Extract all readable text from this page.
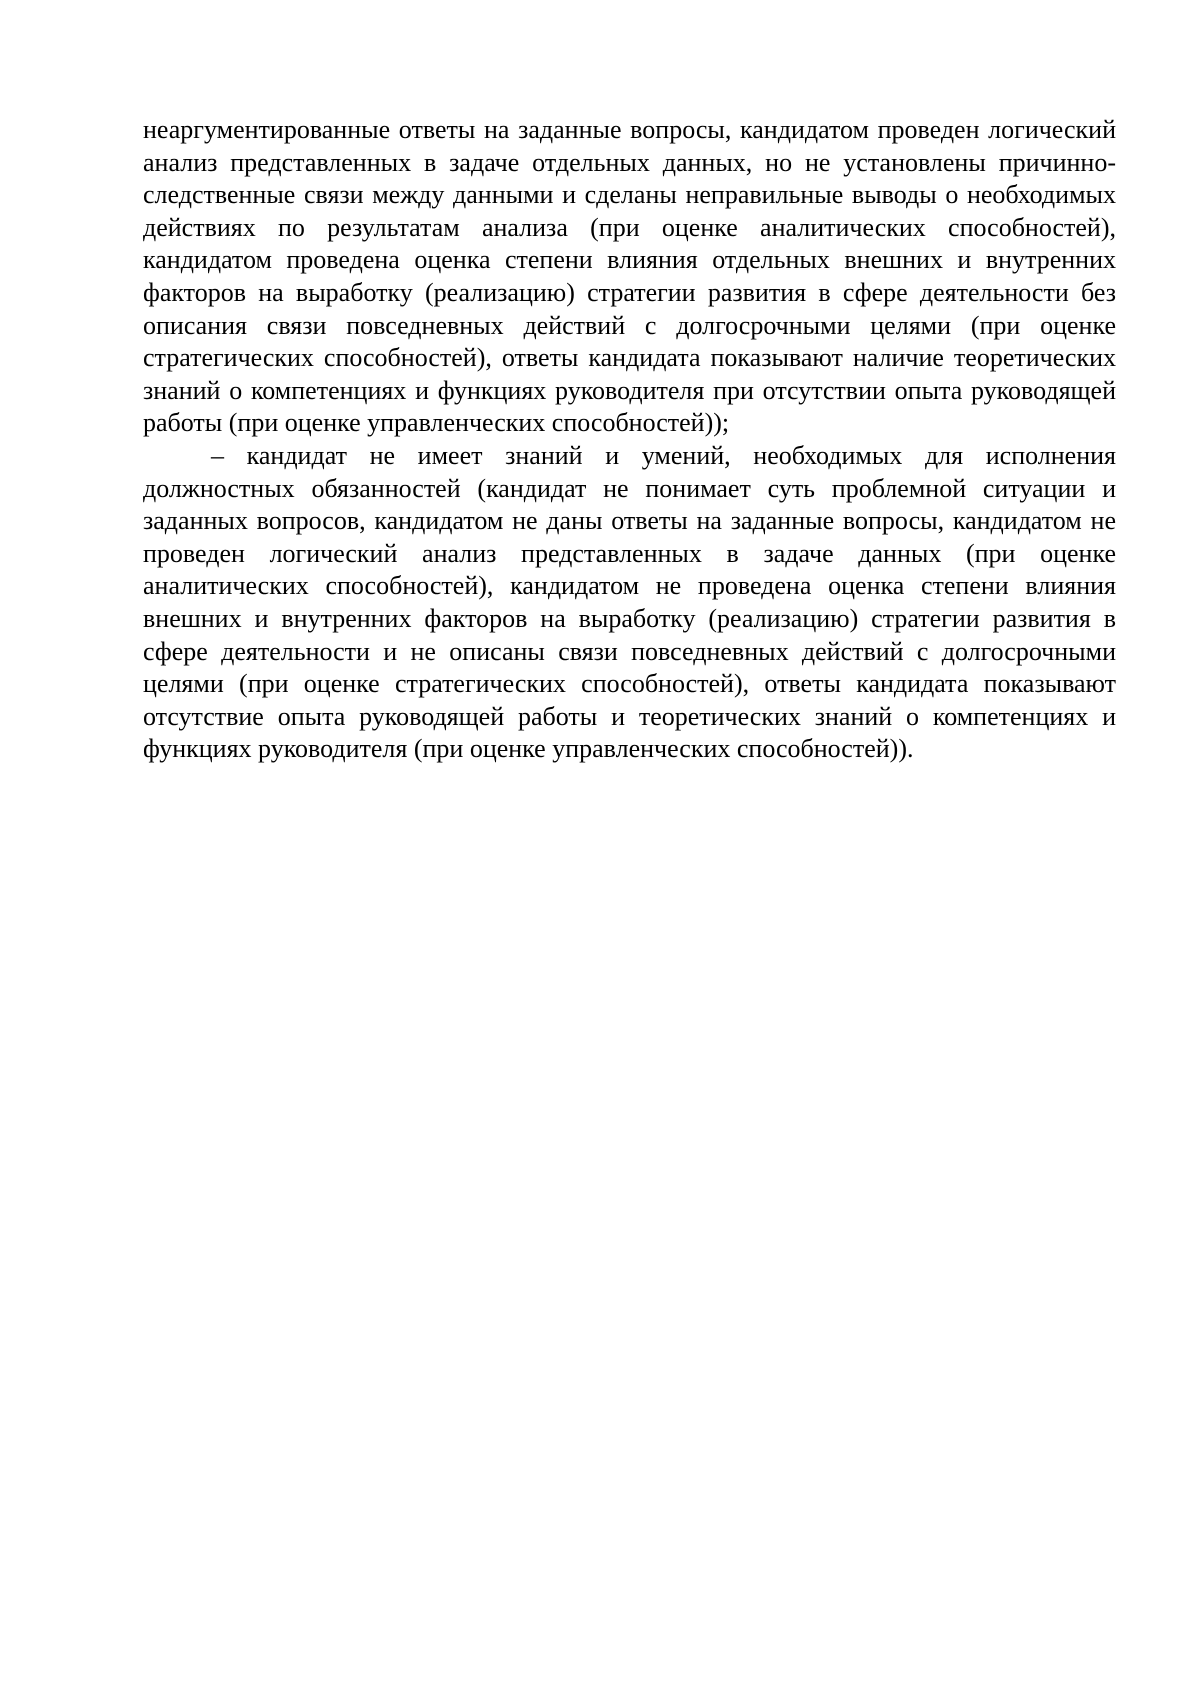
неаргументированные ответы на заданные вопросы, кандидатом проведен логический анализ представленных в задаче отдельных данных, но не установлены причинно-следственные связи между данными и сделаны неправильные выводы о необходимых действиях по результатам анализа (при оценке аналитических способностей), кандидатом проведена оценка степени влияния отдельных внешних и внутренних факторов на выработку (реализацию) стратегии развития в сфере деятельности без описания связи повседневных действий с долгосрочными целями (при оценке стратегических способностей), ответы кандидата показывают наличие теоретических знаний о компетенциях и функциях руководителя при отсутствии опыта руководящей работы (при оценке управленческих способностей));

– кандидат не имеет знаний и умений, необходимых для исполнения должностных обязанностей (кандидат не понимает суть проблемной ситуации и заданных вопросов, кандидатом не даны ответы на заданные вопросы, кандидатом не проведен логический анализ представленных в задаче данных (при оценке аналитических способностей), кандидатом не проведена оценка степени влияния внешних и внутренних факторов на выработку (реализацию) стратегии развития в сфере деятельности и не описаны связи повседневных действий с долгосрочными целями (при оценке стратегических способностей), ответы кандидата показывают отсутствие опыта руководящей работы и теоретических знаний о компетенциях и функциях руководителя (при оценке управленческих способностей)).
